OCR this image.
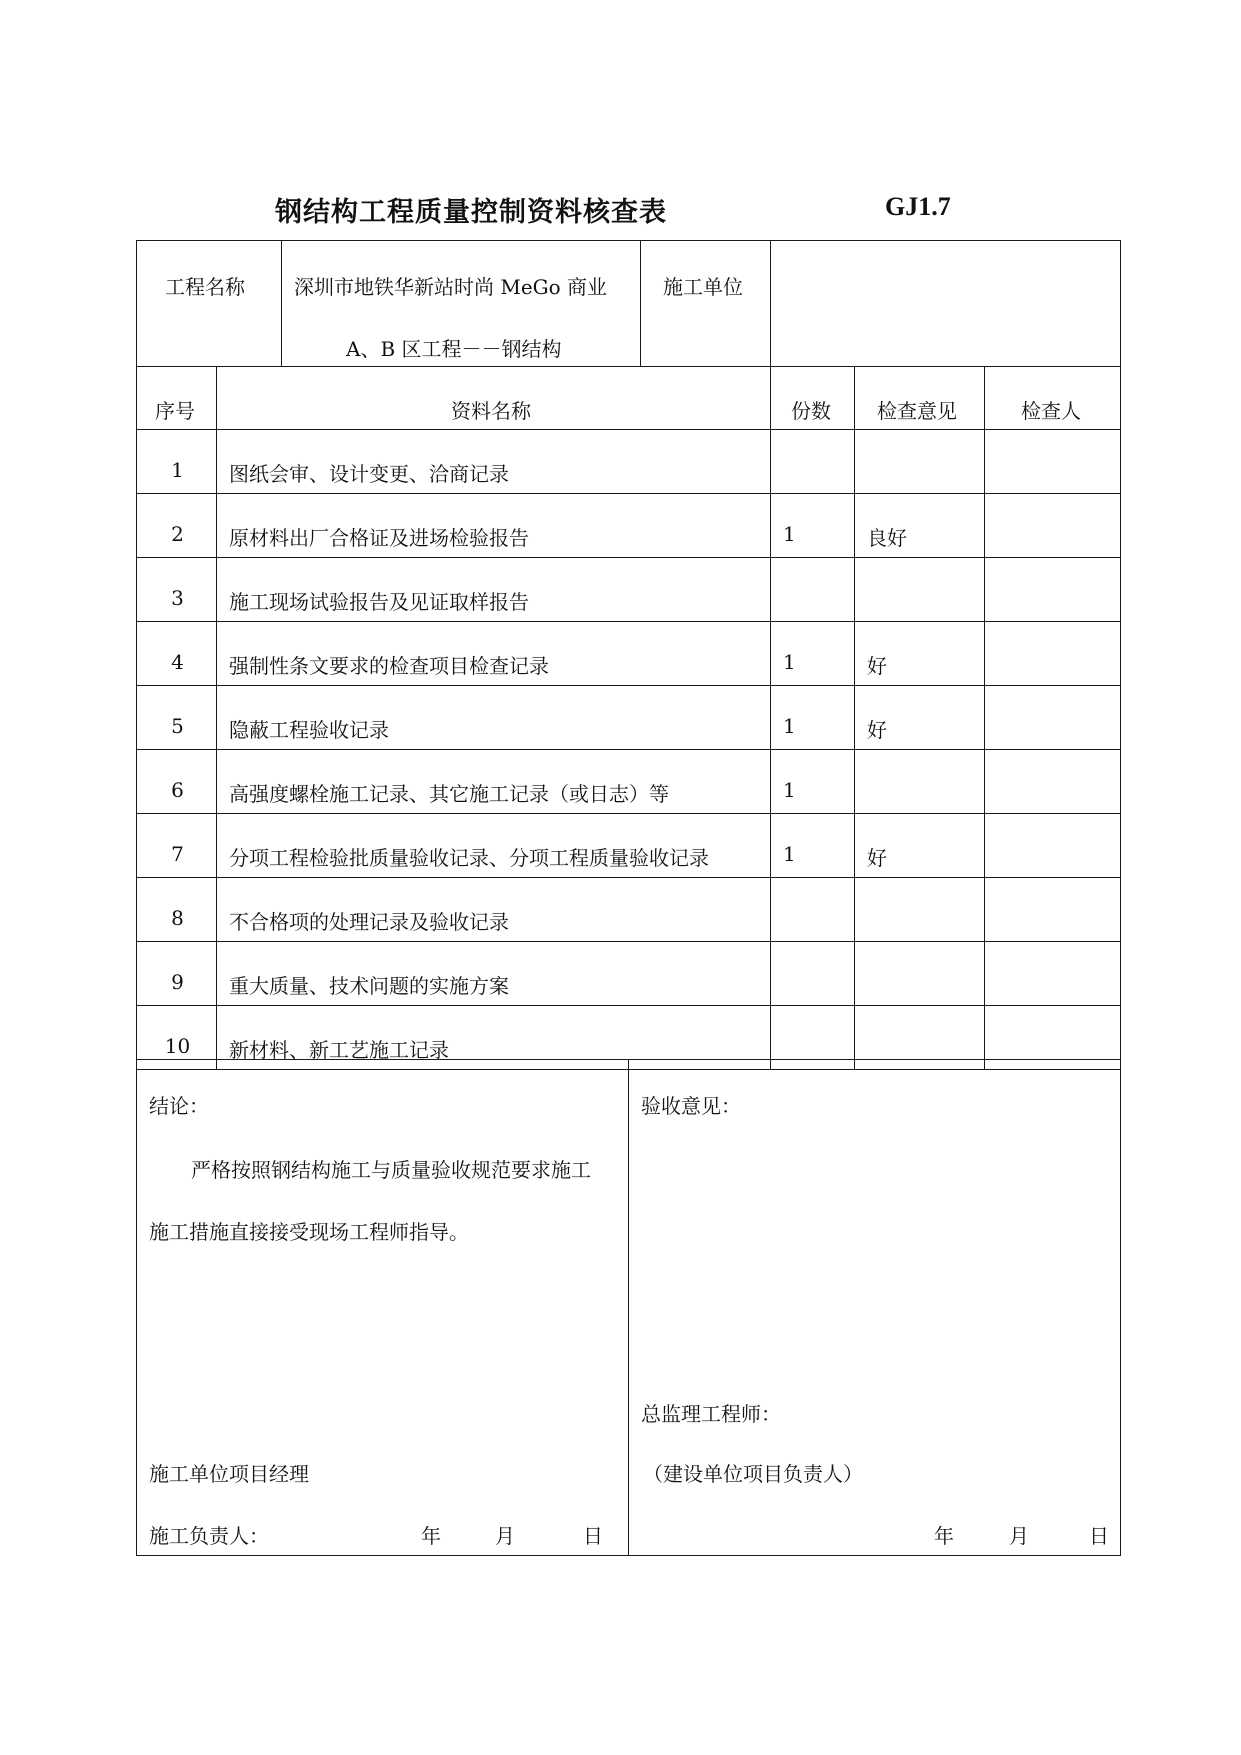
钢结构工程质量控制资料核查表	GJ1.7
工程名称 深圳市地铁华新站时尚 MeGo 商业
A、B 区工程－－钢结构
施工单位
序号	资料名称	份数 检查意见	检查人
1	图纸会审、设计变更、洽商记录
2	原材料出厂合格证及进场检验报告	1	良好
3	施工现场试验报告及见证取样报告
4	强制性条文要求的检查项目检查记录	1	好
5	隐蔽工程验收记录	1	好
6	高强度螺栓施工记录、其它施工记录（或日志）等	1
7	分项工程检验批质量验收记录、分项工程质量验收记录	1	好
8	不合格项的处理记录及验收记录
9	重大质量、技术问题的实施方案
10	新材料、新工艺施工记录
结论：
严格按照钢结构施工与质量验收规范要求施工
施工措施直接接受现场工程师指导。
施工单位项目经理
施工负责人：	年	月	日
验收意见：
总监理工程师：
（建设单位项目负责人）
年	月	日
